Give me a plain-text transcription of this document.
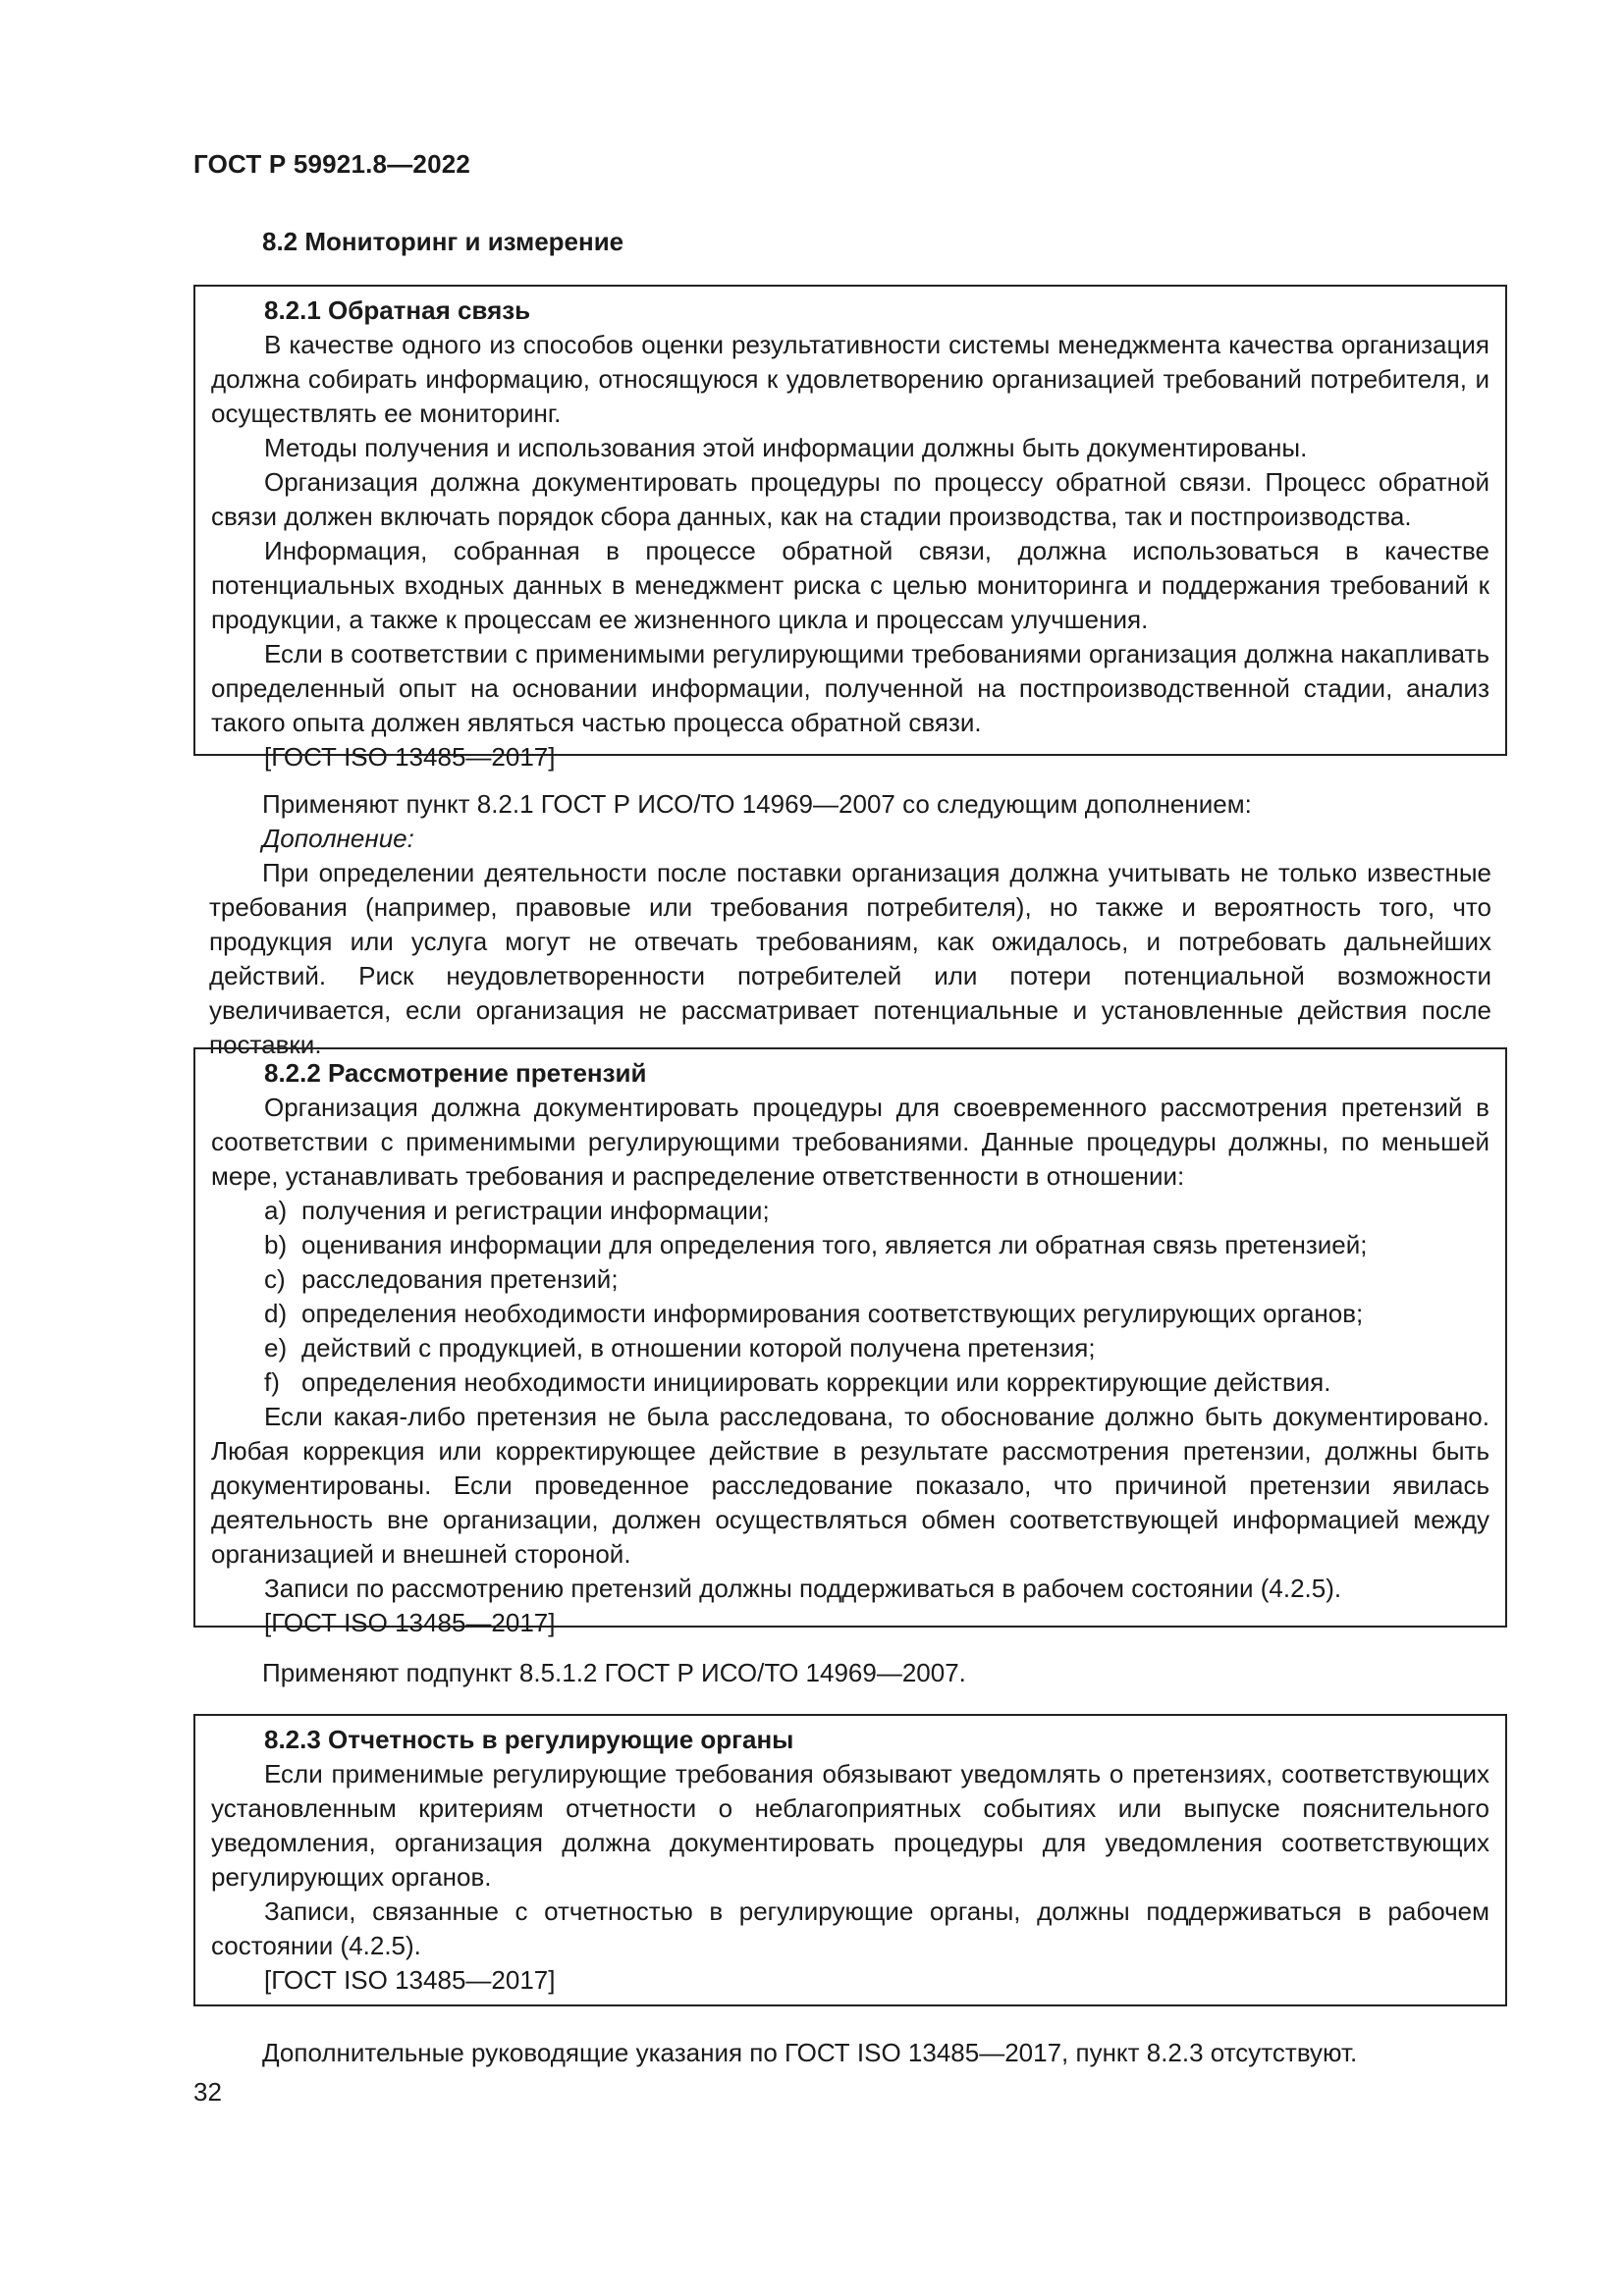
ГОСТ Р 59921.8—2022
8.2 Мониторинг и измерение

8.2.1 Обратная связь

В качестве одного из способов оценки результативности системы менеджмента качества организация должна собирать информацию, относящуюся к удовлетворению организацией требований потребителя, и осуществлять ее мониторинг.

Методы получения и использования этой информации должны быть документированы.

Организация должна документировать процедуры по процессу обратной связи. Процесс обратной связи должен включать порядок сбора данных, как на стадии производства, так и постпроизводства.

Информация, собранная в процессе обратной связи, должна использоваться в качестве потенциальных входных данных в менеджмент риска с целью мониторинга и поддержания требований к продукции, а также к процессам ее жизненного цикла и процессам улучшения.

Если в соответствии с применимыми регулирующими требованиями организация должна накапливать определенный опыт на основании информации, полученной на постпроизводственной стадии, анализ такого опыта должен являться частью процесса обратной связи.

[ГОСТ ISO 13485—2017]

Применяют пункт 8.2.1 ГОСТ Р ИСО/ТО 14969—2007 со следующим дополнением:

Дополнение:

При определении деятельности после поставки организация должна учитывать не только известные требования (например, правовые или требования потребителя), но также и вероятность того, что продукция или услуга могут не отвечать требованиям, как ожидалось, и потребовать дальнейших действий. Риск неудовлетворенности потребителей или потери потенциальной возможности увеличивается, если организация не рассматривает потенциальные и установленные действия после поставки.

8.2.2 Рассмотрение претензий

Организация должна документировать процедуры для своевременного рассмотрения претензий в соответствии с применимыми регулирующими требованиями. Данные процедуры должны, по меньшей мере, устанавливать требования и распределение ответственности в отношении:

a) получения и регистрации информации;

b) оценивания информации для определения того, является ли обратная связь претензией;

c) расследования претензий;

d) определения необходимости информирования соответствующих регулирующих органов;

e) действий с продукцией, в отношении которой получена претензия;

f) определения необходимости инициировать коррекции или корректирующие действия.

Если какая-либо претензия не была расследована, то обоснование должно быть документировано. Любая коррекция или корректирующее действие в результате рассмотрения претензии, должны быть документированы. Если проведенное расследование показало, что причиной претензии явилась деятельность вне организации, должен осуществляться обмен соответствующей информацией между организацией и внешней стороной.

Записи по рассмотрению претензий должны поддерживаться в рабочем состоянии (4.2.5).

[ГОСТ ISO 13485—2017]

Применяют подпункт 8.5.1.2 ГОСТ Р ИСО/ТО 14969—2007.

8.2.3 Отчетность в регулирующие органы

Если применимые регулирующие требования обязывают уведомлять о претензиях, соответствующих установленным критериям отчетности о неблагоприятных событиях или выпуске пояснительного уведомления, организация должна документировать процедуры для уведомления соответствующих регулирующих органов.

Записи, связанные с отчетностью в регулирующие органы, должны поддерживаться в рабочем состоянии (4.2.5).

[ГОСТ ISO 13485—2017]

Дополнительные руководящие указания по ГОСТ ISO 13485—2017, пункт 8.2.3 отсутствуют.

32
